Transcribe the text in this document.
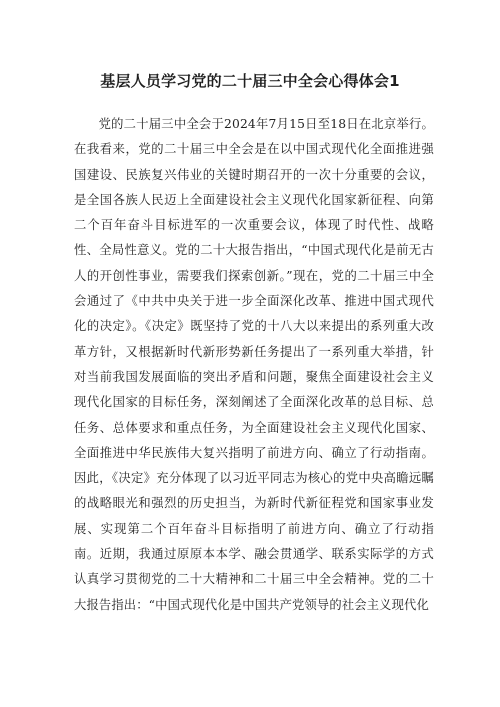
基层人员学习党的二十届三中全会心得体会1

党的二十届三中全会于2024年7月15日至18日在北京举行。在我看来，党的二十届三中全会是在以中国式现代化全面推进强国建设、民族复兴伟业的关键时期召开的一次十分重要的会议，是全国各族人民迈上全面建设社会主义现代化国家新征程、向第二个百年奋斗目标进军的一次重要会议，体现了时代性、战略性、全局性意义。党的二十大报告指出，“中国式现代化是前无古人的开创性事业，需要我们探索创新。”现在，党的二十届三中全会通过了《中共中央关于进一步全面深化改革、推进中国式现代化的决定》。《决定》既坚持了党的十八大以来提出的系列重大改革方针，又根据新时代新形势新任务提出了一系列重大举措，针对当前我国发展面临的突出矛盾和问题，聚焦全面建设社会主义现代化国家的目标任务，深刻阐述了全面深化改革的总目标、总任务、总体要求和重点任务，为全面建设社会主义现代化国家、全面推进中华民族伟大复兴指明了前进方向、确立了行动指南。因此，《决定》充分体现了以习近平同志为核心的党中央高瞻远瞩的战略眼光和强烈的历史担当，为新时代新征程党和国家事业发展、实现第二个百年奋斗目标指明了前进方向、确立了行动指南。近期，我通过原原本本学、融会贯通学、联系实际学的方式认真学习贯彻党的二十大精神和二十届三中全会精神。党的二十大报告指出：“中国式现代化是中国共产党领导的社会主义现代化
